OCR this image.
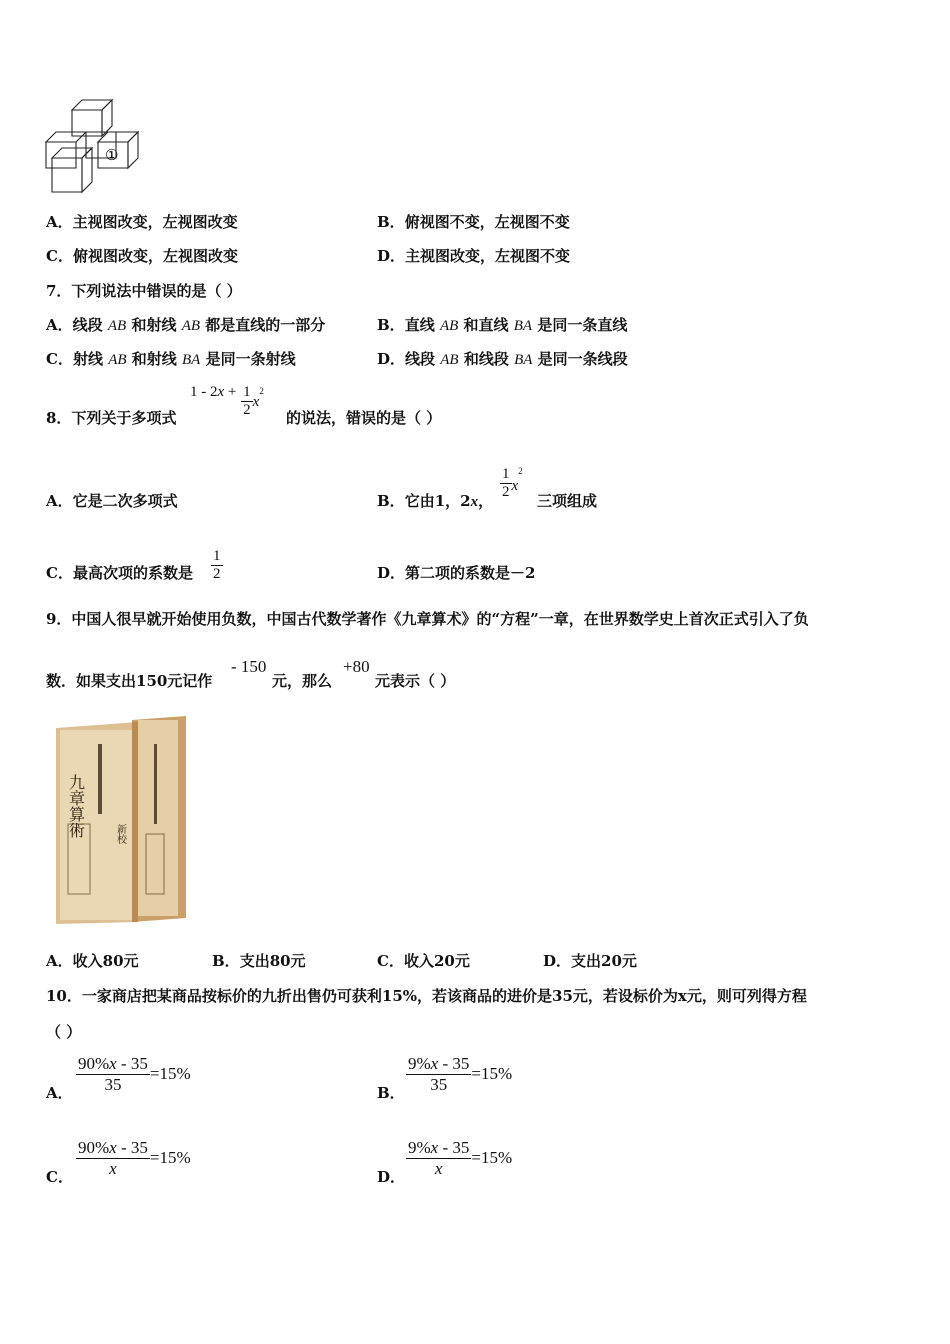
①
A．主视图改变，左视图改变	B．俯视图不变，左视图不变
C．俯视图改变，左视图改变	D．主视图改变，左视图不变
7．下列说法中错误的是（ ）
A．线段 AB 和射线 AB 都是直线的一部分	B．直线 AB 和直线 BA 是同一条直线
C．射线 AB 和射线 BA 是同一条射线	D．线段 AB 和线段 BA 是同一条线段
8．下列关于多项式
$1 - 2x + \frac{1}{2} x^2$
的说法，错误的是（ ）
A．它是二次多项式	B．它由1，2x， $\frac{1}{2} x^2$
三项组成
C．最高次项的系数是 $\frac{1}{2}$	D．第二项的系数是－2
9．中国人很早就开始使用负数，中国古代数学著作《九章算术》的“方程”一章，在世界数学史上首次正式引入了负
数．如果支出150元记作
- 150
元，那么
+80
元表示（ ）
九章算術	新校
A．收入80元	B．支出80元	C．收入20元	D．支出20元
10．一家商店把某商品按标价的九折出售仍可获利15%，若该商品的进价是35元，若设标价为x元，则可列得方程
（ ）
A． $\frac{90\%x - 35}{35} =15\%$
B． $\frac{9\%x - 35}{35} =15\%$
C． $\frac{90\%x - 35}{x} =15\%$
D． $\frac{9\%x - 35}{x} =15\%$
